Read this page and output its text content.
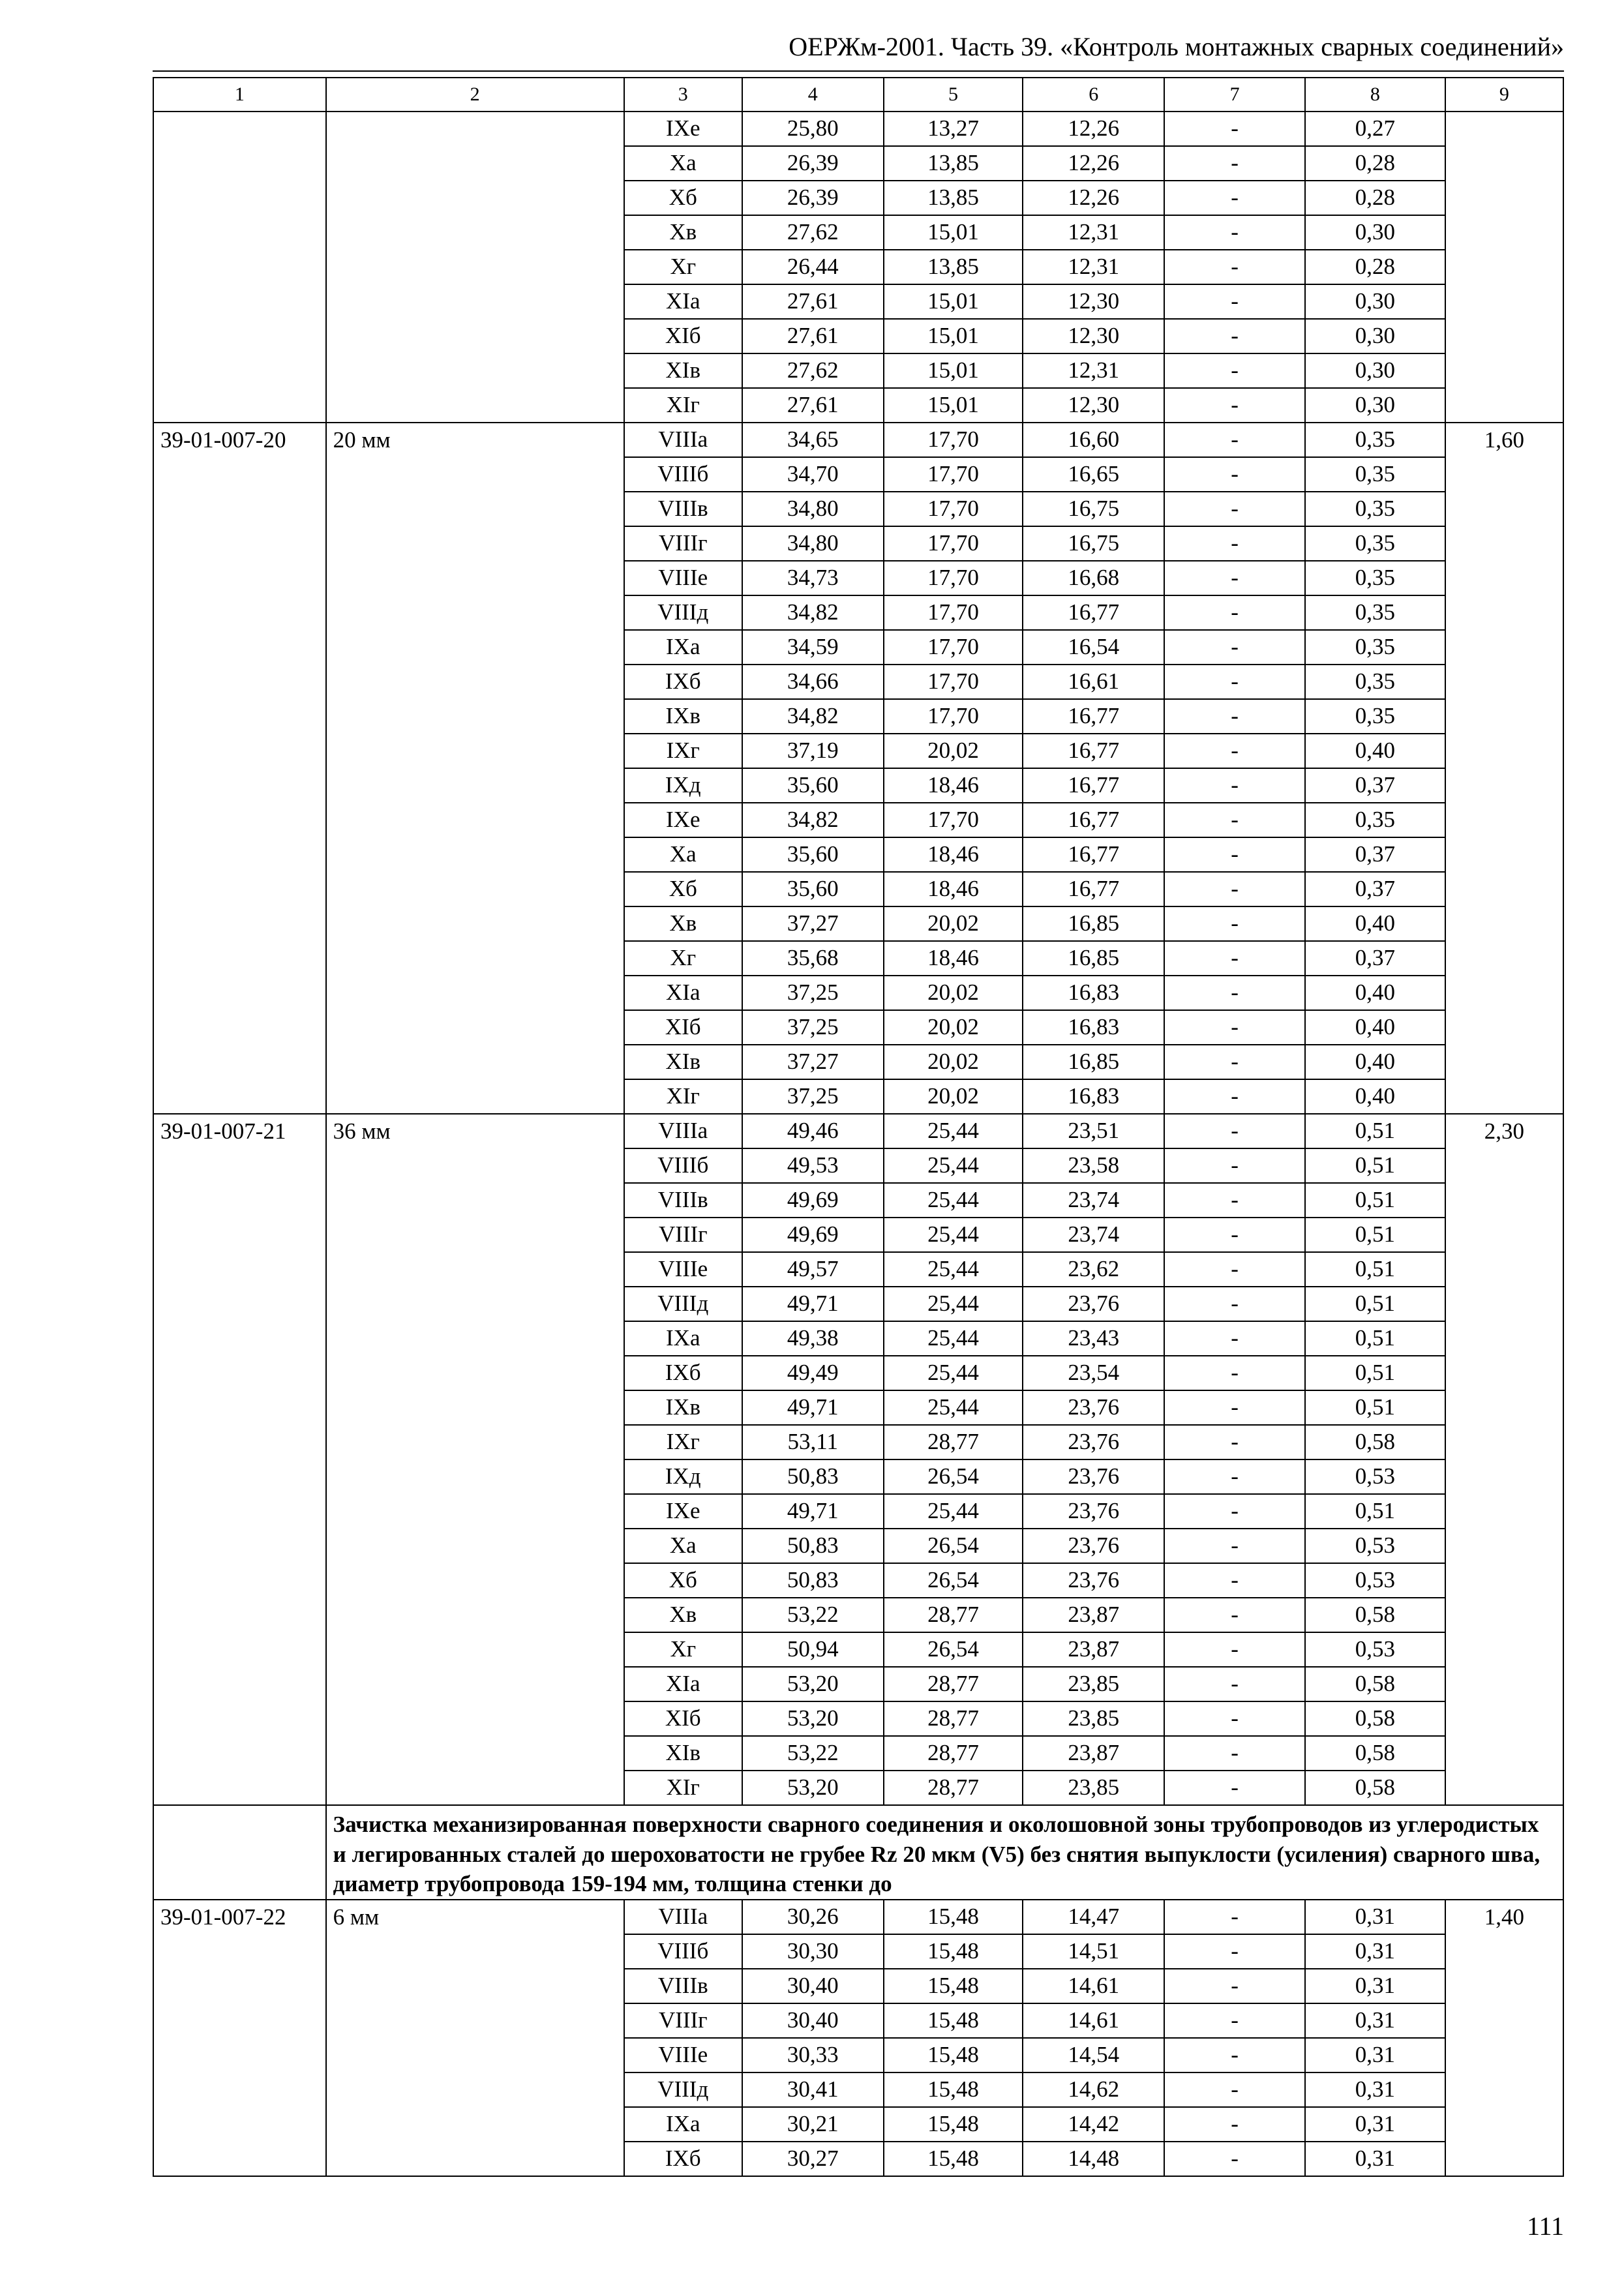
ОЕРЖм-2001. Часть 39. «Контроль монтажных сварных соединений»
1	2	3	4	5	6	7	8	9
		IXе	25,80	13,27	12,26	-	0,27	
		Xа	26,39	13,85	12,26	-	0,28	
		Xб	26,39	13,85	12,26	-	0,28	
		Xв	27,62	15,01	12,31	-	0,30	
		Xг	26,44	13,85	12,31	-	0,28	
		XIа	27,61	15,01	12,30	-	0,30	
		XIб	27,61	15,01	12,30	-	0,30	
		XIв	27,62	15,01	12,31	-	0,30	
		XIг	27,61	15,01	12,30	-	0,30	
39-01-007-20	20 мм	VIIIа	34,65	17,70	16,60	-	0,35	1,60
		VIIIб	34,70	17,70	16,65	-	0,35	
		VIIIв	34,80	17,70	16,75	-	0,35	
		VIIIг	34,80	17,70	16,75	-	0,35	
		VIIIе	34,73	17,70	16,68	-	0,35	
		VIIIд	34,82	17,70	16,77	-	0,35	
		IXа	34,59	17,70	16,54	-	0,35	
		IXб	34,66	17,70	16,61	-	0,35	
		IXв	34,82	17,70	16,77	-	0,35	
		IXг	37,19	20,02	16,77	-	0,40	
		IXд	35,60	18,46	16,77	-	0,37	
		IXе	34,82	17,70	16,77	-	0,35	
		Xа	35,60	18,46	16,77	-	0,37	
		Xб	35,60	18,46	16,77	-	0,37	
		Xв	37,27	20,02	16,85	-	0,40	
		Xг	35,68	18,46	16,85	-	0,37	
		XIа	37,25	20,02	16,83	-	0,40	
		XIб	37,25	20,02	16,83	-	0,40	
		XIв	37,27	20,02	16,85	-	0,40	
		XIг	37,25	20,02	16,83	-	0,40	
39-01-007-21	36 мм	VIIIа	49,46	25,44	23,51	-	0,51	2,30
		VIIIб	49,53	25,44	23,58	-	0,51	
		VIIIв	49,69	25,44	23,74	-	0,51	
		VIIIг	49,69	25,44	23,74	-	0,51	
		VIIIе	49,57	25,44	23,62	-	0,51	
		VIIIд	49,71	25,44	23,76	-	0,51	
		IXа	49,38	25,44	23,43	-	0,51	
		IXб	49,49	25,44	23,54	-	0,51	
		IXв	49,71	25,44	23,76	-	0,51	
		IXг	53,11	28,77	23,76	-	0,58	
		IXд	50,83	26,54	23,76	-	0,53	
		IXе	49,71	25,44	23,76	-	0,51	
		Xа	50,83	26,54	23,76	-	0,53	
		Xб	50,83	26,54	23,76	-	0,53	
		Xв	53,22	28,77	23,87	-	0,58	
		Xг	50,94	26,54	23,87	-	0,53	
		XIа	53,20	28,77	23,85	-	0,58	
		XIб	53,20	28,77	23,85	-	0,58	
		XIв	53,22	28,77	23,87	-	0,58	
		XIг	53,20	28,77	23,85	-	0,58	
	Зачистка механизированная поверхности сварного соединения и околошовной зоны трубопроводов из углеродистых и легированных сталей до шероховатости не грубее Rz 20 мкм (V5) без снятия выпуклости (усиления) сварного шва, диаметр трубопровода 159-194 мм, толщина стенки до							
39-01-007-22	6 мм	VIIIа	30,26	15,48	14,47	-	0,31	1,40
		VIIIб	30,30	15,48	14,51	-	0,31	
		VIIIв	30,40	15,48	14,61	-	0,31	
		VIIIг	30,40	15,48	14,61	-	0,31	
		VIIIе	30,33	15,48	14,54	-	0,31	
		VIIIд	30,41	15,48	14,62	-	0,31	
		IXа	30,21	15,48	14,42	-	0,31	
		IXб	30,27	15,48	14,48	-	0,31	
111
